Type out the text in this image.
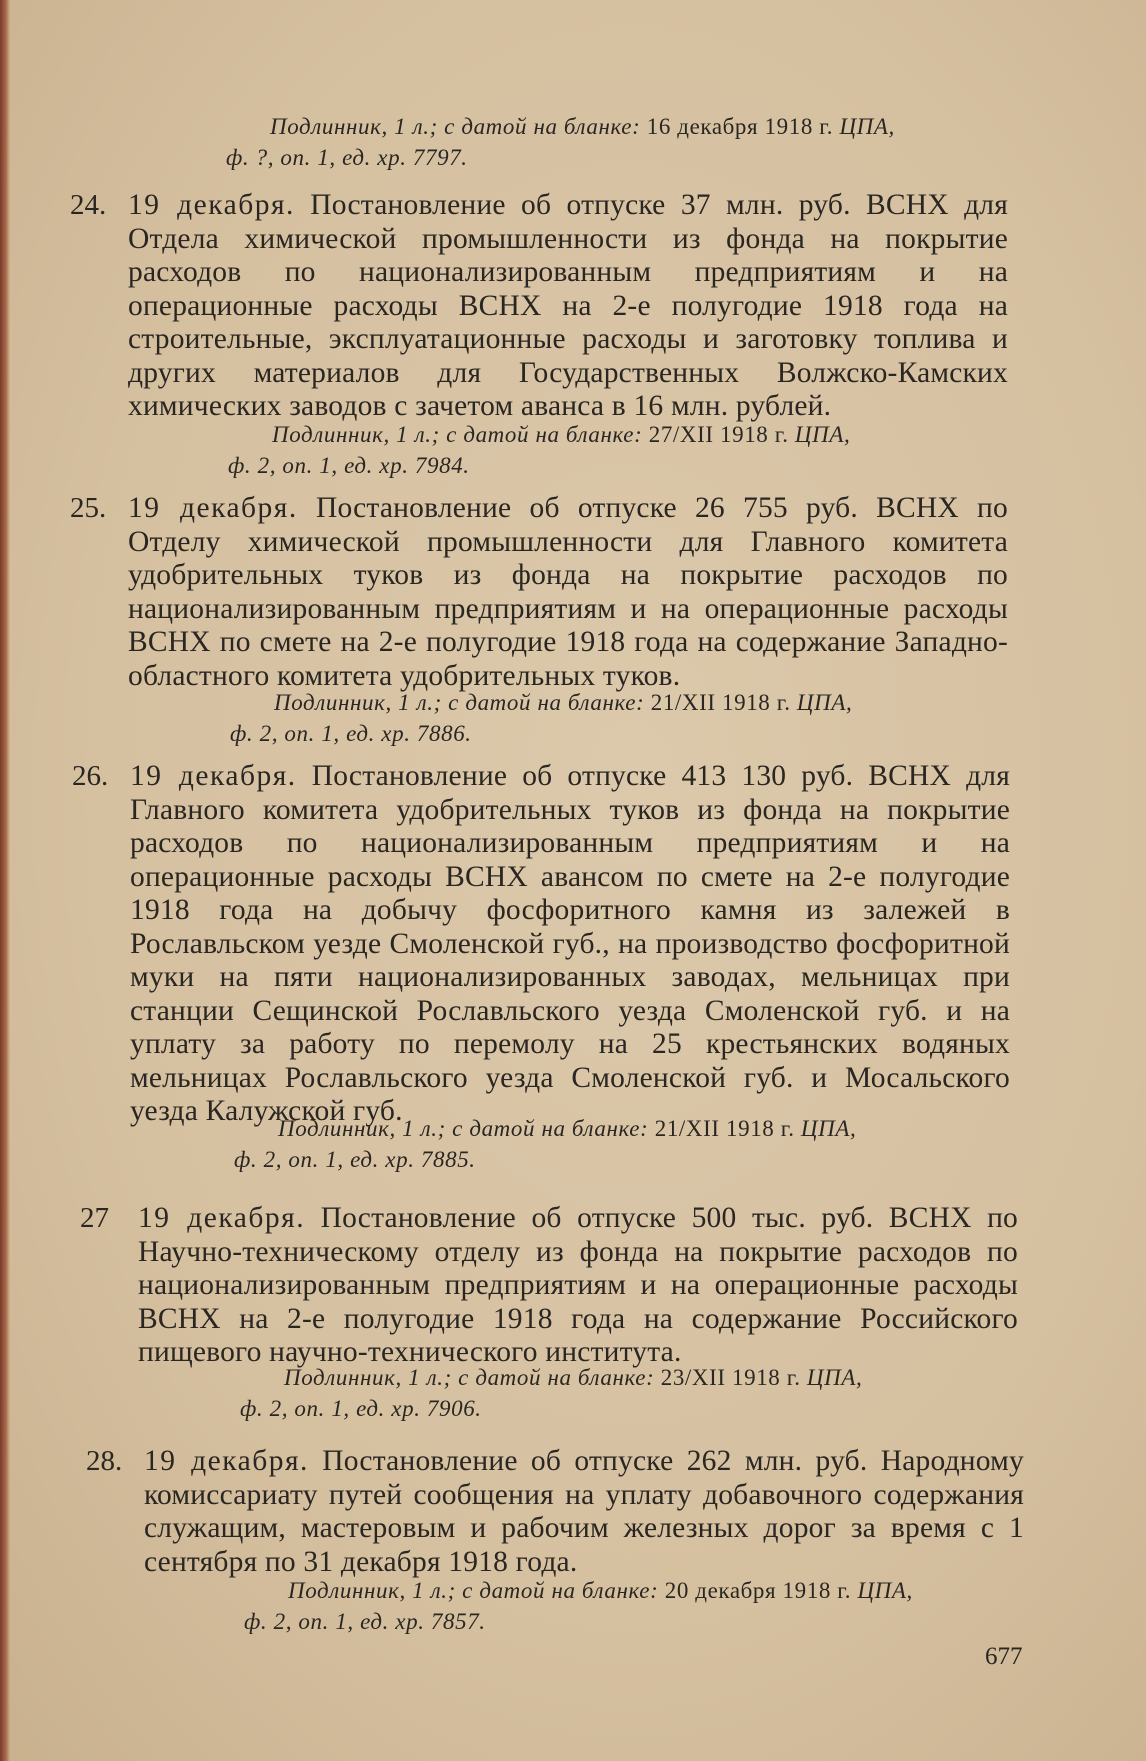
Подлинник, 1 л.; с датой на бланке: 16 декабря 1918 г. ЦПА,
ф. ?, оп. 1, ед. хр. 7797.
24. 19 декабря. Постановление об отпуске 37 млн. руб. ВСНХ для Отдела химической промышленности из фонда на покрытие расходов по национализированным предприятиям и на операционные расходы ВСНХ на 2-е полугодие 1918 года на строительные, эксплуатационные расходы и заготовку топлива и других материалов для Государственных Волжско-Камских химических заводов с зачетом аванса в 16 млн. рублей.
Подлинник, 1 л.; с датой на бланке: 27/XII 1918 г. ЦПА,
ф. 2, оп. 1, ед. хр. 7984.
25. 19 декабря. Постановление об отпуске 26 755 руб. ВСНХ по Отделу химической промышленности для Главного комитета удобрительных туков из фонда на покрытие расходов по национализированным предприятиям и на операционные расходы ВСНХ по смете на 2-е полугодие 1918 года на содержание Западно-областного комитета удобрительных туков.
Подлинник, 1 л.; с датой на бланке: 21/XII 1918 г. ЦПА,
ф. 2, оп. 1, ед. хр. 7886.
26. 19 декабря. Постановление об отпуске 413 130 руб. ВСНХ для Главного комитета удобрительных туков из фонда на покрытие расходов по национализированным предприятиям и на операционные расходы ВСНХ авансом по смете на 2-е полугодие 1918 года на добычу фосфоритного камня из залежей в Рославльском уезде Смоленской губ., на производство фосфоритной муки на пяти национализированных заводах, мельницах при станции Сещинской Рославльского уезда Смоленской губ. и на уплату за работу по перемолу на 25 крестьянских водяных мельницах Рославльского уезда Смоленской губ. и Мосальского уезда Калужской губ.
Подлинник, 1 л.; с датой на бланке: 21/XII 1918 г. ЦПА,
ф. 2, оп. 1, ед. хр. 7885.
27 19 декабря. Постановление об отпуске 500 тыс. руб. ВСНХ по Научно-техническому отделу из фонда на покрытие расходов по национализированным предприятиям и на операционные расходы ВСНХ на 2-е полугодие 1918 года на содержание Российского пищевого научно-технического института.
Подлинник, 1 л.; с датой на бланке: 23/XII 1918 г. ЦПА,
ф. 2, оп. 1, ед. хр. 7906.
28. 19 декабря. Постановление об отпуске 262 млн. руб. Народному комиссариату путей сообщения на уплату добавочного содержания служащим, мастеровым и рабочим железных дорог за время с 1 сентября по 31 декабря 1918 года.
Подлинник, 1 л.; с датой на бланке: 20 декабря 1918 г. ЦПА,
ф. 2, оп. 1, ед. хр. 7857.
677
